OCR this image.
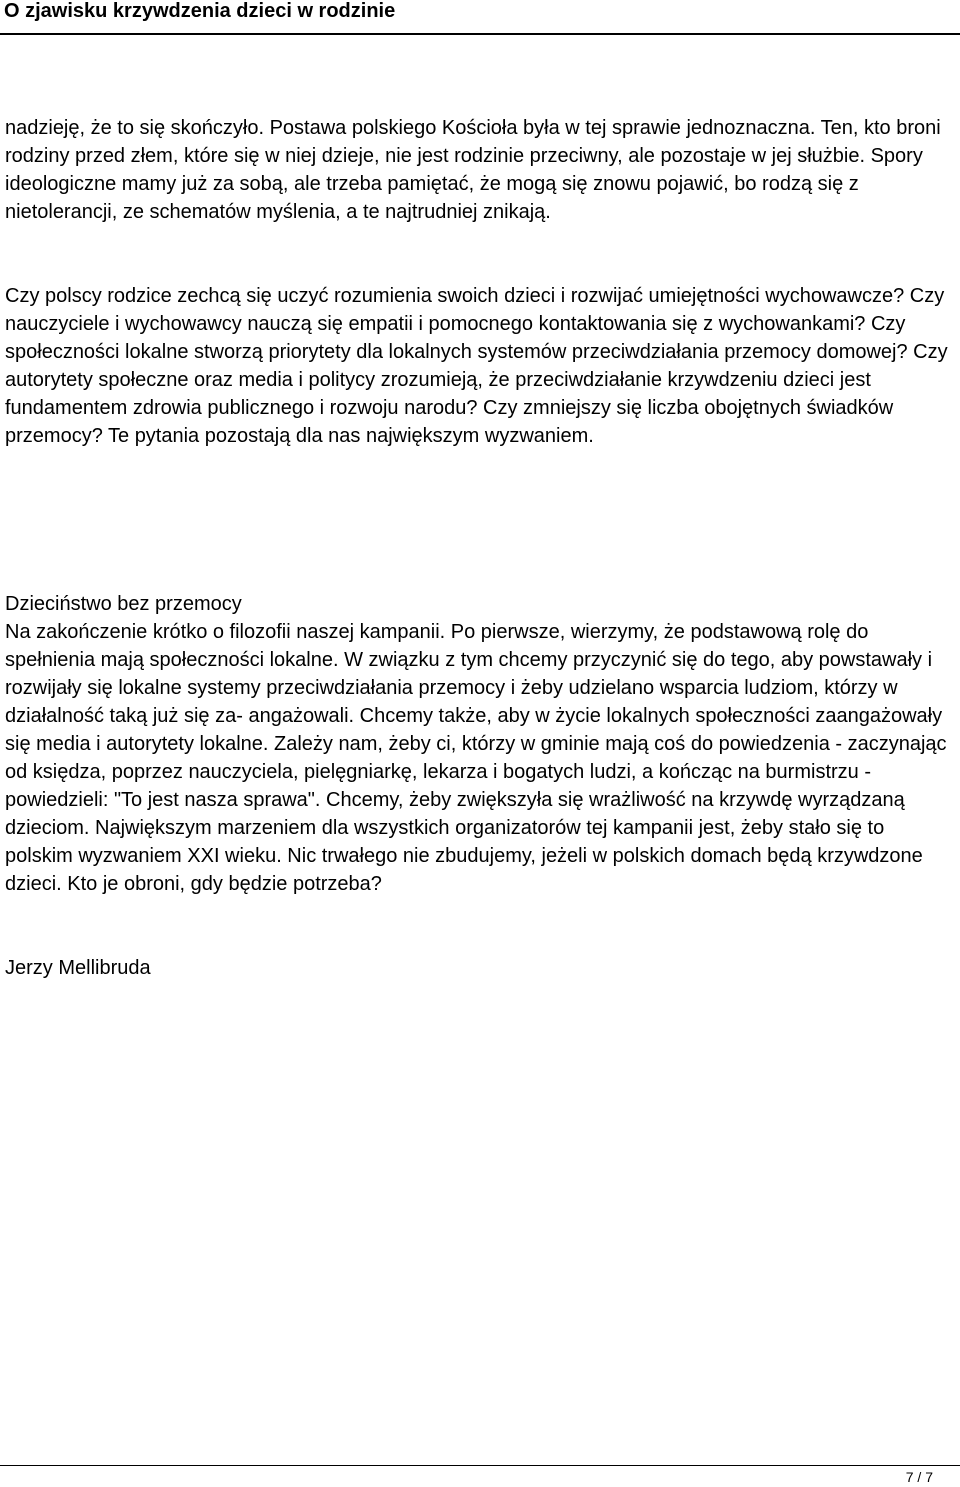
O zjawisku krzywdzenia dzieci w rodzinie

nadzieję, że to się skończyło. Postawa polskiego Kościoła była w tej sprawie jednoznaczna. Ten, kto broni rodziny przed złem, które się w niej dzieje, nie jest rodzinie przeciwny, ale pozostaje w jej służbie. Spory ideologiczne mamy już za sobą, ale trzeba pamiętać, że mogą się znowu pojawić, bo rodzą się z nietolerancji, ze schematów myślenia, a te najtrudniej znikają.

Czy polscy rodzice zechcą się uczyć rozumienia swoich dzieci i rozwijać umiejętności wychowawcze? Czy nauczyciele i wychowawcy nauczą się empatii i pomocnego kontaktowania się z wychowankami? Czy społeczności lokalne stworzą priorytety dla lokalnych systemów przeciwdziałania przemocy domowej? Czy autorytety społeczne oraz media i politycy zrozumieją, że przeciwdziałanie krzywdzeniu dzieci jest fundamentem zdrowia publicznego i rozwoju narodu? Czy zmniejszy się liczba obojętnych świadków przemocy? Te pytania pozostają dla nas największym wyzwaniem.

Dzieciństwo bez przemocy
Na zakończenie krótko o filozofii naszej kampanii. Po pierwsze, wierzymy, że podstawową rolę do spełnienia mają społeczności lokalne. W związku z tym chcemy przyczynić się do tego, aby powstawały i rozwijały się lokalne systemy przeciwdziałania przemocy i żeby udzielano wsparcia ludziom, którzy w działalność taką już się za- angażowali. Chcemy także, aby w życie lokalnych społeczności zaangażowały się media i autorytety lokalne. Zależy nam, żeby ci, którzy w gminie mają coś do powiedzenia - zaczynając od księdza, poprzez nauczyciela, pielęgniarkę, lekarza i bogatych ludzi, a kończąc na burmistrzu - powiedzieli: "To jest nasza sprawa". Chcemy, żeby zwiększyła się wrażliwość na krzywdę wyrządzaną dzieciom. Największym marzeniem dla wszystkich organizatorów tej kampanii jest, żeby stało się to polskim wyzwaniem XXI wieku. Nic trwałego nie zbudujemy, jeżeli w polskich domach będą krzywdzone dzieci. Kto je obroni, gdy będzie potrzeba?

Jerzy Mellibruda

7 / 7
